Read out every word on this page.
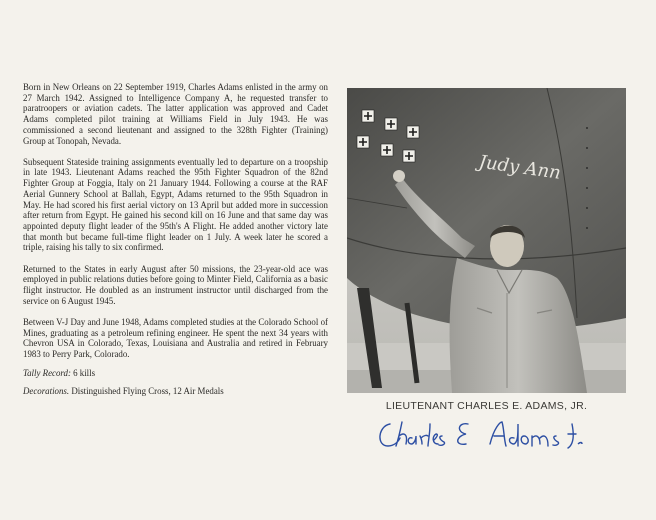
Born in New Orleans on 22 September 1919, Charles Adams enlisted in the army on 27 March 1942. Assigned to Intelligence Company A, he requested transfer to paratroopers or aviation cadets. The latter application was approved and Cadet Adams completed pilot training at Williams Field in July 1943. He was commissioned a second lieutenant and assigned to the 328th Fighter (Training) Group at Tonopah, Nevada.

Subsequent Stateside training assignments eventually led to departure on a troopship in late 1943. Lieutenant Adams reached the 95th Fighter Squadron of the 82nd Fighter Group at Foggia, Italy on 21 January 1944. Following a course at the RAF Aerial Gunnery School at Ballah, Egypt, Adams returned to the 95th Squadron in May. He had scored his first aerial victory on 13 April but added more in succession after return from Egypt. He gained his second kill on 16 June and that same day was appointed deputy flight leader of the 95th's A Flight. He added another victory late that month but became full-time flight leader on 1 July. A week later he scored a triple, raising his tally to six confirmed.

Returned to the States in early August after 50 missions, the 23-year-old ace was employed in public relations duties before going to Minter Field, California as a basic flight instructor. He doubled as an instrument instructor until discharged from the service on 6 August 1945.

Between V-J Day and June 1948, Adams completed studies at the Colorado School of Mines, graduating as a petroleum refining engineer. He spent the next 34 years with Chevron USA in Colorado, Texas, Louisiana and Australia and retired in February 1983 to Perry Park, Colorado.

Tally Record: 6 kills

Decorations. Distinguished Flying Cross, 12 Air Medals

Judy Ann
LIEUTENANT CHARLES E. ADAMS, JR.
